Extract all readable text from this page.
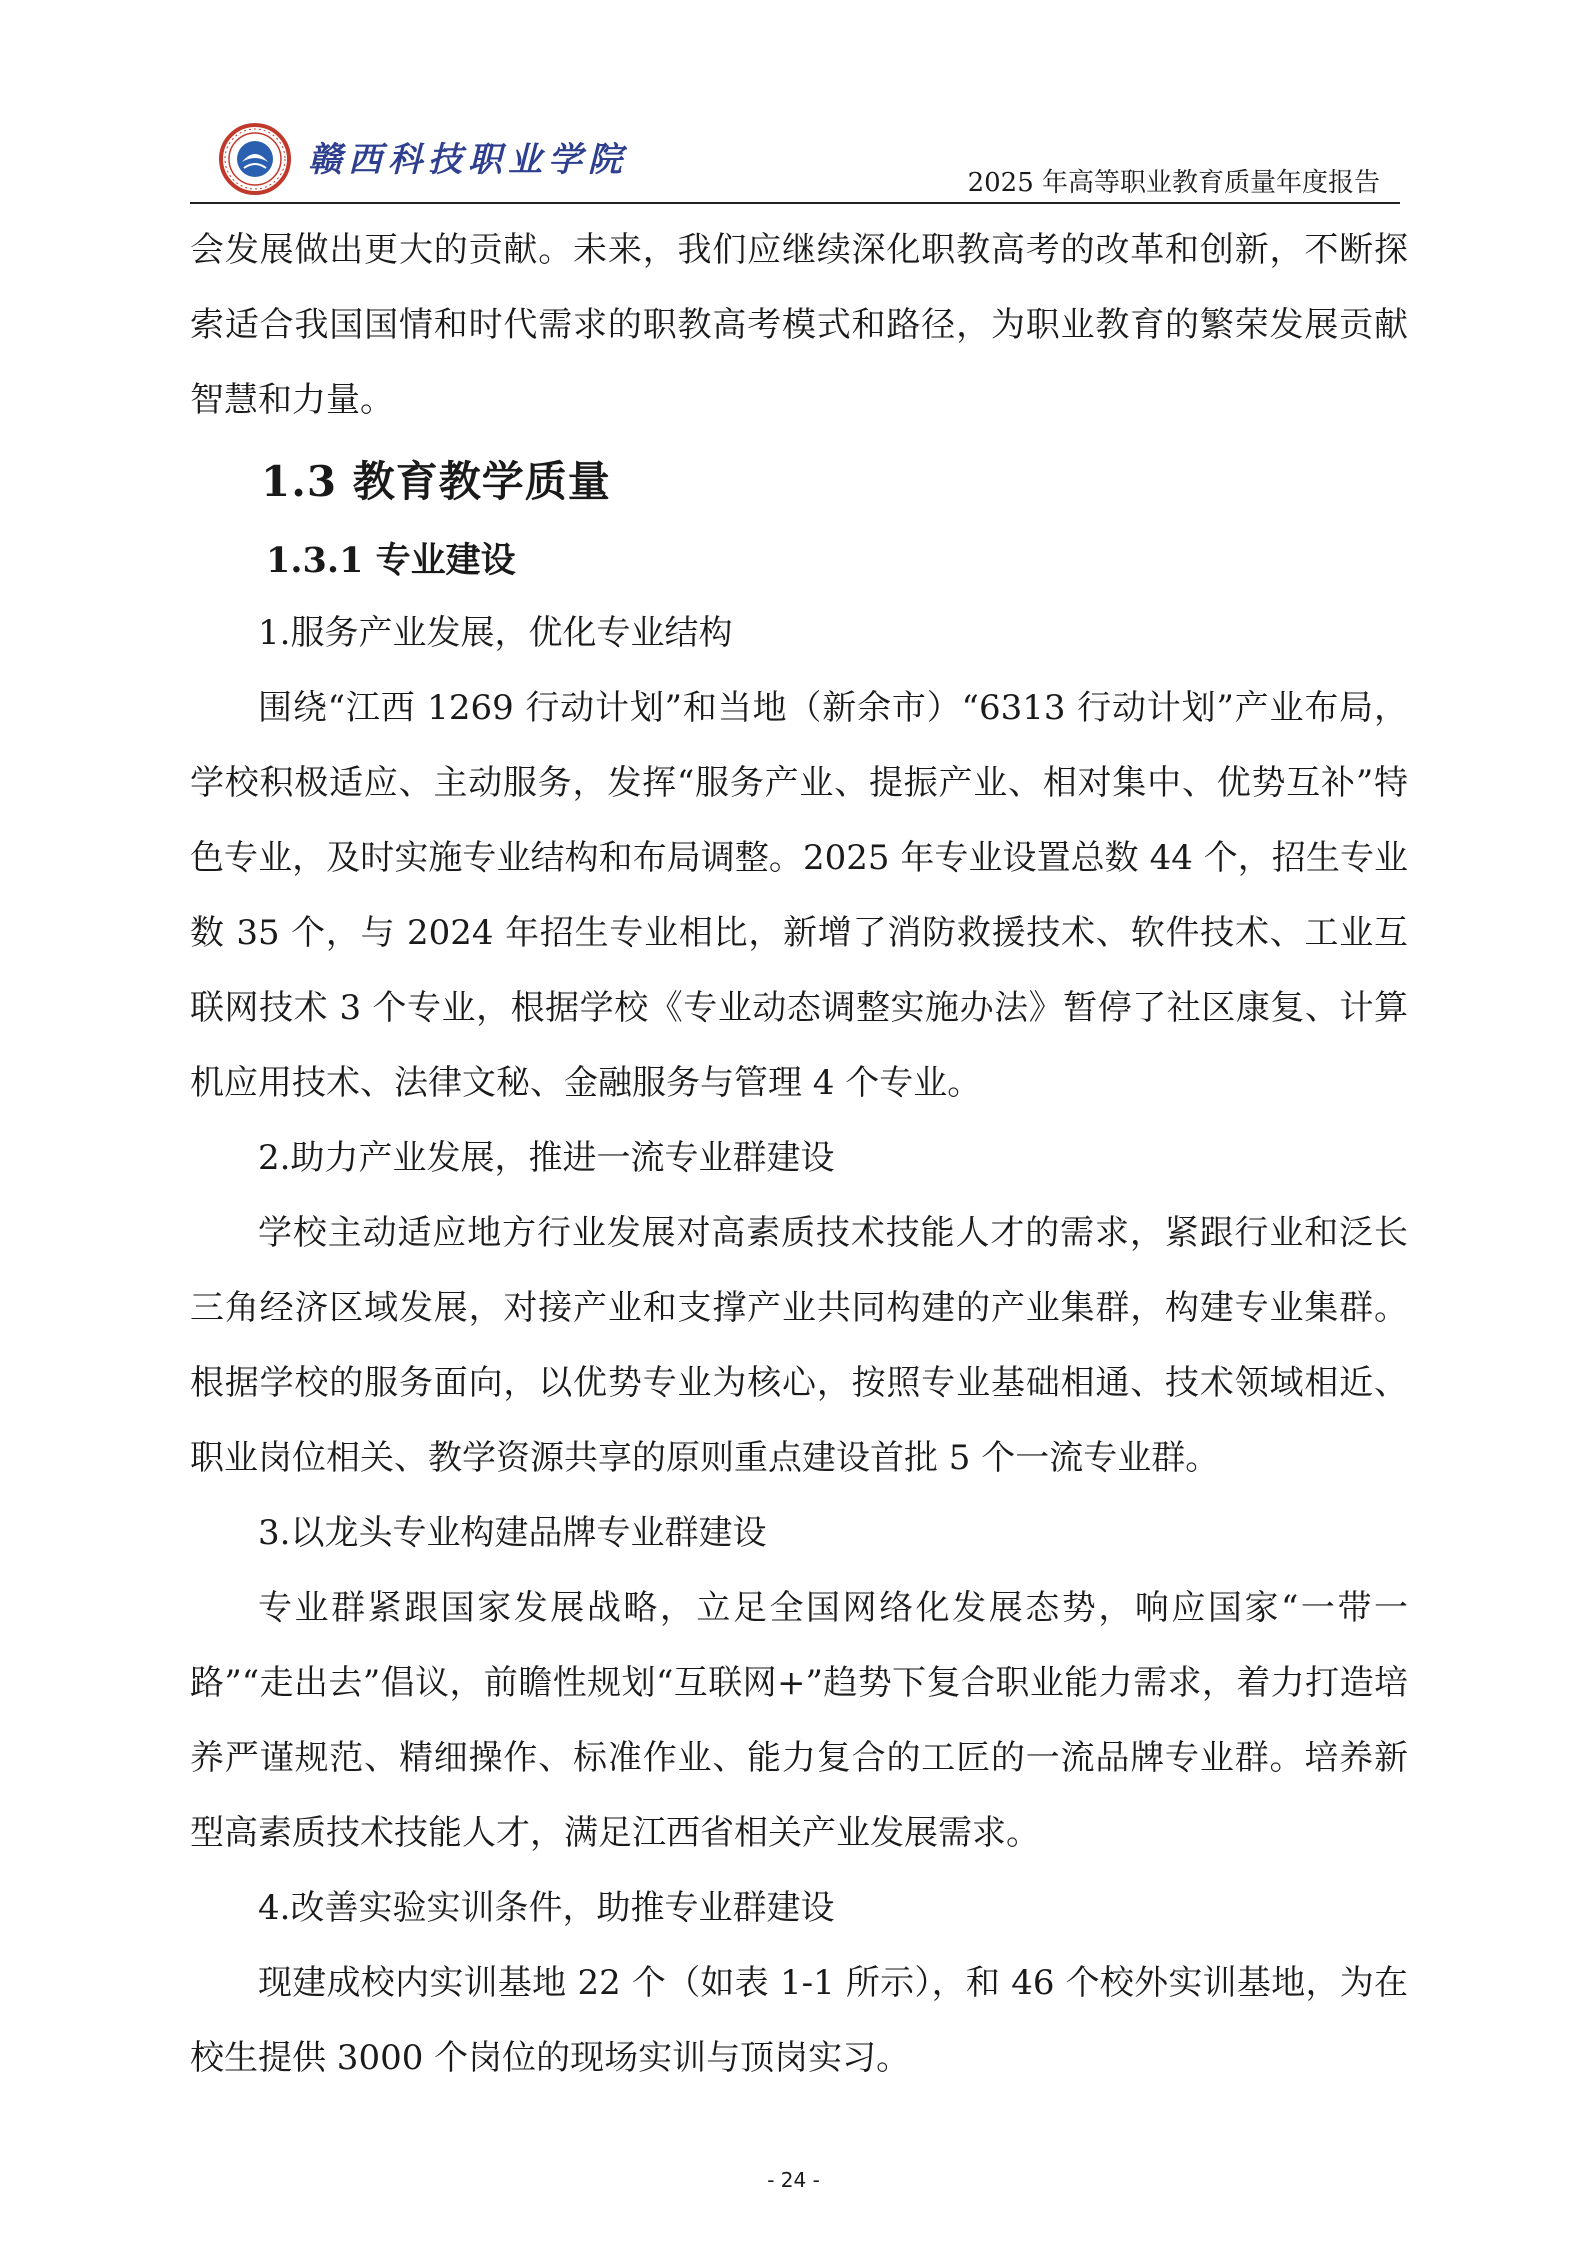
赣西科技职业学院
2025 年高等职业教育质量年度报告

会发展做出更大的贡献。未来，我们应继续深化职教高考的改革和创新，不断探索适合我国国情和时代需求的职教高考模式和路径，为职业教育的繁荣发展贡献智慧和力量。

1.3 教育教学质量
1.3.1 专业建设

1.服务产业发展，优化专业结构

围绕“江西 1269 行动计划”和当地（新余市）“6313 行动计划”产业布局，学校积极适应、主动服务，发挥“服务产业、提振产业、相对集中、优势互补”特色专业，及时实施专业结构和布局调整。2025 年专业设置总数 44 个，招生专业数 35 个，与 2024 年招生专业相比，新增了消防救援技术、软件技术、工业互联网技术 3 个专业，根据学校《专业动态调整实施办法》暂停了社区康复、计算机应用技术、法律文秘、金融服务与管理 4 个专业。

2.助力产业发展，推进一流专业群建设

学校主动适应地方行业发展对高素质技术技能人才的需求，紧跟行业和泛长三角经济区域发展，对接产业和支撑产业共同构建的产业集群，构建专业集群。根据学校的服务面向，以优势专业为核心，按照专业基础相通、技术领域相近、职业岗位相关、教学资源共享的原则重点建设首批 5 个一流专业群。

3.以龙头专业构建品牌专业群建设

专业群紧跟国家发展战略，立足全国网络化发展态势，响应国家“一带一路”“走出去”倡议，前瞻性规划“互联网+”趋势下复合职业能力需求，着力打造培养严谨规范、精细操作、标准作业、能力复合的工匠的一流品牌专业群。培养新型高素质技术技能人才，满足江西省相关产业发展需求。

4.改善实验实训条件，助推专业群建设

现建成校内实训基地 22 个（如表 1-1 所示），和 46 个校外实训基地，为在校生提供 3000 个岗位的现场实训与顶岗实习。

- 24 -
